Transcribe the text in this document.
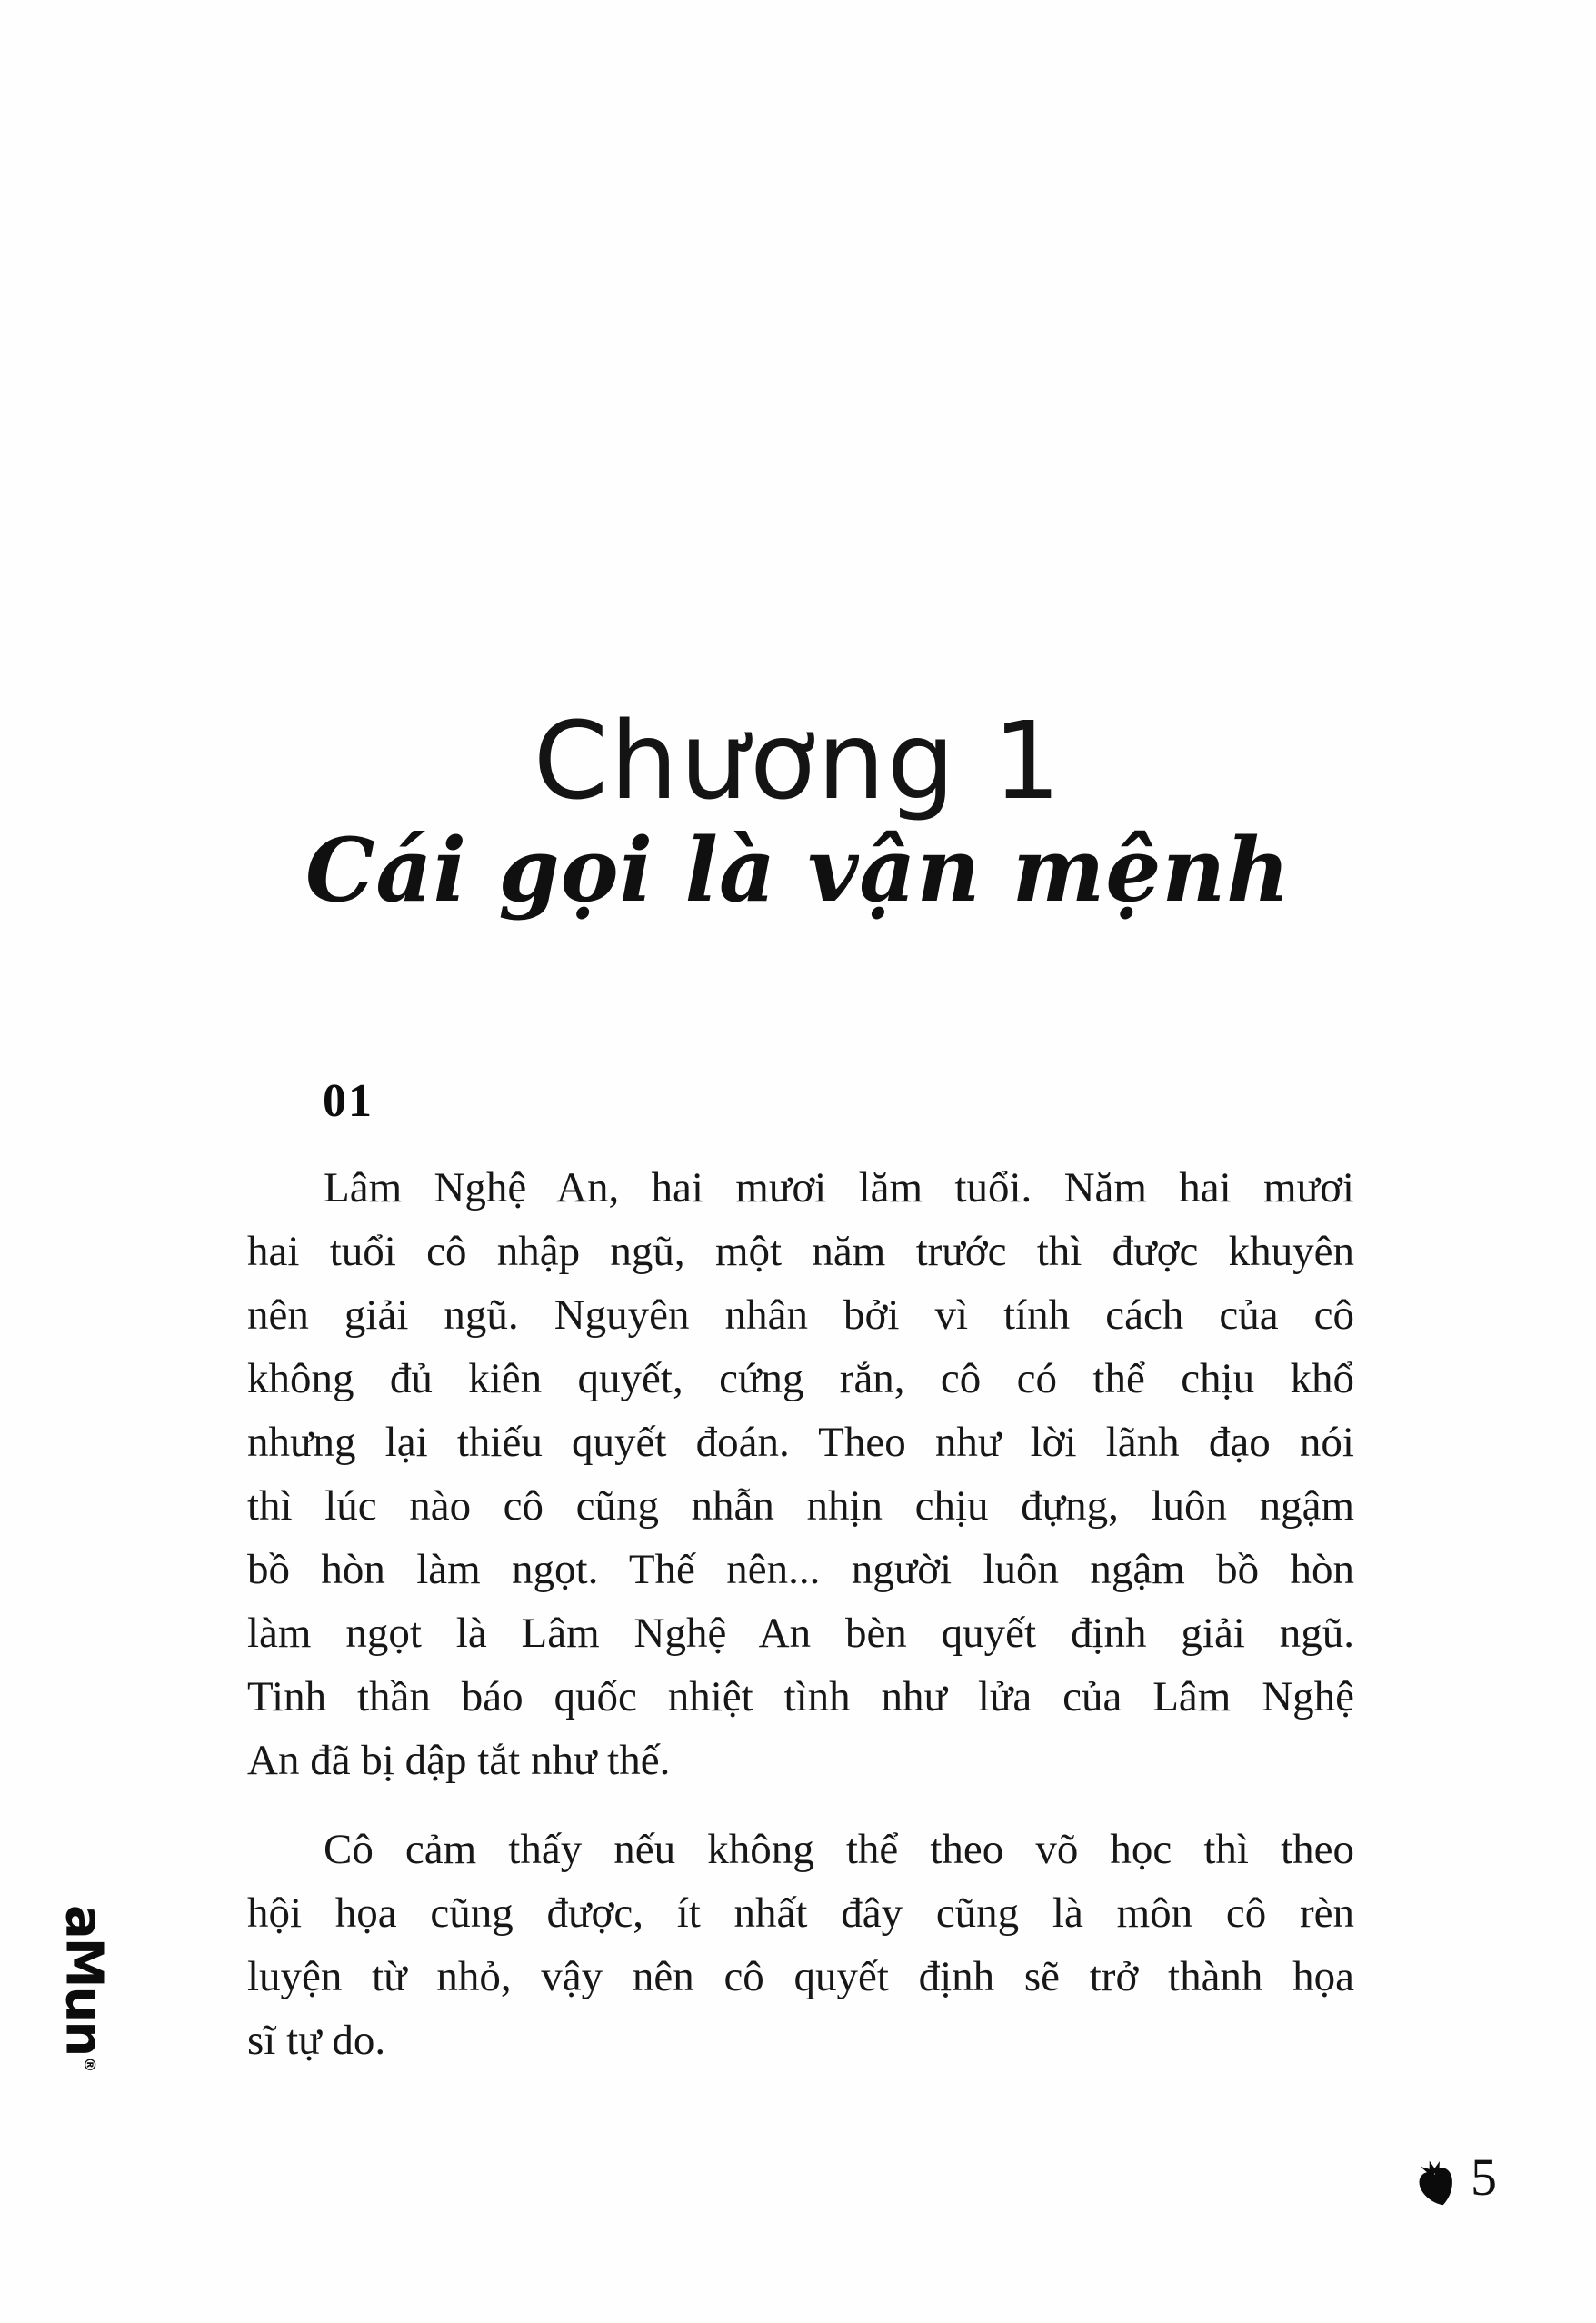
Chương 1
Cái gọi là vận mệnh
01
Lâm Nghệ An, hai mươi lăm tuổi. Năm hai mươi
hai tuổi cô nhập ngũ, một năm trước thì được khuyên
nên giải ngũ. Nguyên nhân bởi vì tính cách của cô
không đủ kiên quyết, cứng rắn, cô có thể chịu khổ
nhưng lại thiếu quyết đoán. Theo như lời lãnh đạo nói
thì lúc nào cô cũng nhẫn nhịn chịu đựng, luôn ngậm
bồ hòn làm ngọt. Thế nên... người luôn ngậm bồ hòn
làm ngọt là Lâm Nghệ An bèn quyết định giải ngũ.
Tinh thần báo quốc nhiệt tình như lửa của Lâm Nghệ
An đã bị dập tắt như thế.
Cô cảm thấy nếu không thể theo võ học thì theo
hội họa cũng được, ít nhất đây cũng là môn cô rèn
luyện từ nhỏ, vậy nên cô quyết định sẽ trở thành họa
sĩ tự do.
aMun®
5
